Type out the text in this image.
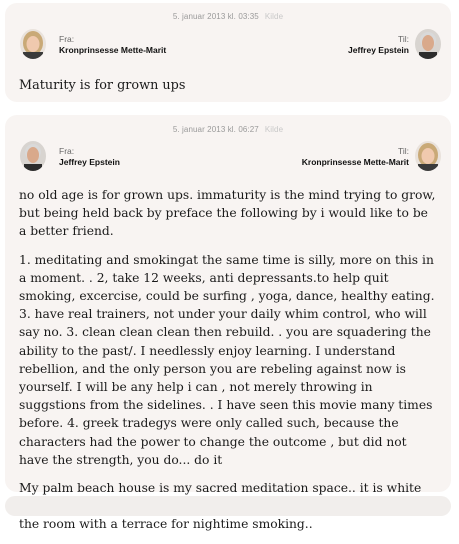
5. januar 2013 kl. 03:35 Kilde
Fra:
Kronprinsesse Mette-Marit
Til:
Jeffrey Epstein

Maturity is for grown ups

5. januar 2013 kl. 06:27 Kilde
Fra:
Jeffrey Epstein
Til:
Kronprinsesse Mette-Marit

no old age is for grown ups. immaturity is the mind trying to grow, but being held back by preface the following by i would like to be a better friend.

1. meditating and smokingat the same time is silly, more on this in a moment. . 2, take 12 weeks, anti depressants.to help quit smoking, excercise, could be surfing , yoga, dance, healthy eating. 3. have real trainers, not under your daily whim control, who will say no. 3. clean clean clean then rebuild. . you are squadering the ability to the past/. I needlessly enjoy learning. I understand rebellion, and the only person you are rebeling against now is yourself. I will be any help i can , not merely throwing in suggstions from the sidelines. . I have seen this movie many times before. 4. greek tradegys were only called such, because the characters had the power to change the outcome , but did not have the strength, you do... do it

My palm beach house is my sacred meditation space.. it is white the room with a terrace for nightime smoking..
